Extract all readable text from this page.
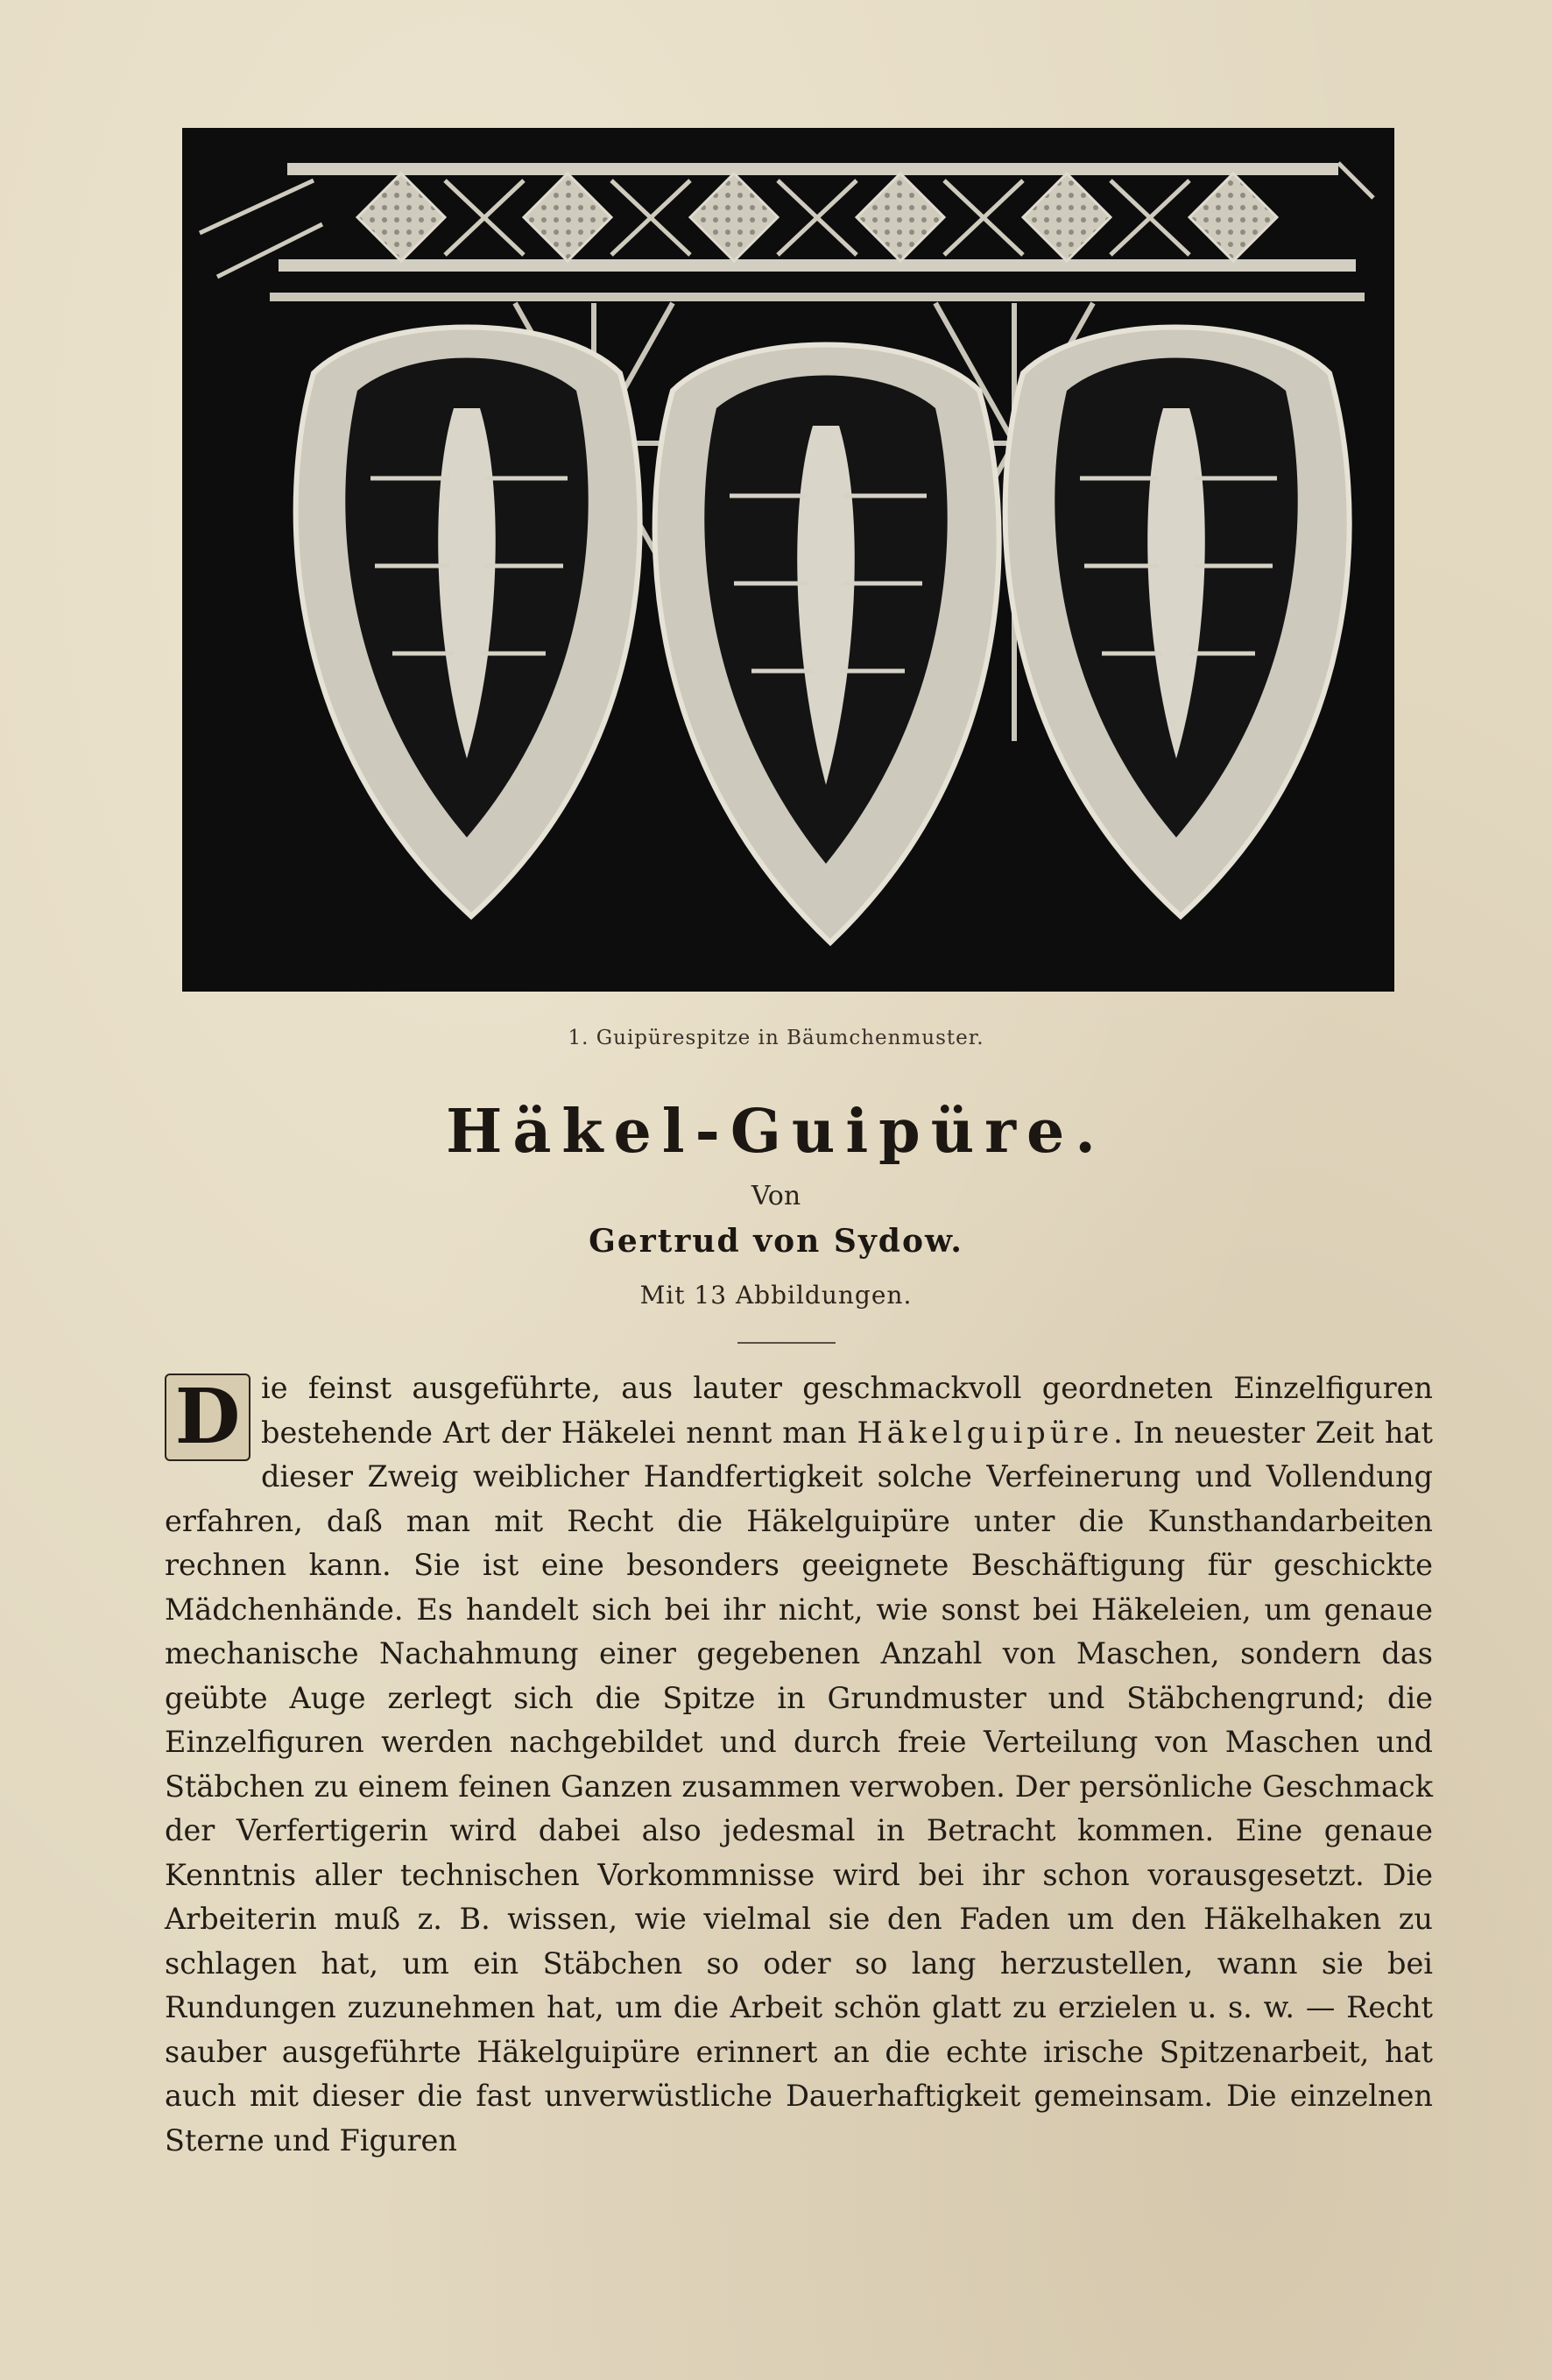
1. Guipürespitze in Bäumchenmuster.
Häkel-Guipüre.
Von
Gertrud von Sydow.
Mit 13 Abbildungen.
D ie feinst ausgeführte, aus lauter geschmackvoll geordneten Einzelfiguren bestehende Art der Häkelei nennt man Häkelguipüre. In neuester Zeit hat dieser Zweig weiblicher Handfertigkeit solche Verfeinerung und Vollendung erfahren, daß man mit Recht die Häkelguipüre unter die Kunsthandarbeiten rechnen kann. Sie ist eine besonders geeignete Beschäftigung für geschickte Mädchenhände. Es handelt sich bei ihr nicht, wie sonst bei Häkeleien, um genaue mechanische Nachahmung einer gegebenen Anzahl von Maschen, sondern das geübte Auge zerlegt sich die Spitze in Grundmuster und Stäbchengrund; die Einzelfiguren werden nachgebildet und durch freie Verteilung von Maschen und Stäbchen zu einem feinen Ganzen zusammen verwoben. Der persönliche Geschmack der Verfertigerin wird dabei also jedesmal in Betracht kommen. Eine genaue Kenntnis aller technischen Vorkommnisse wird bei ihr schon vorausgesetzt. Die Arbeiterin muß z. B. wissen, wie vielmal sie den Faden um den Häkelhaken zu schlagen hat, um ein Stäbchen so oder so lang herzustellen, wann sie bei Rundungen zuzunehmen hat, um die Arbeit schön glatt zu erzielen u. s. w. — Recht sauber ausgeführte Häkelguipüre erinnert an die echte irische Spitzenarbeit, hat auch mit dieser die fast unverwüstliche Dauerhaftigkeit gemeinsam. Die einzelnen Sterne und Figuren
